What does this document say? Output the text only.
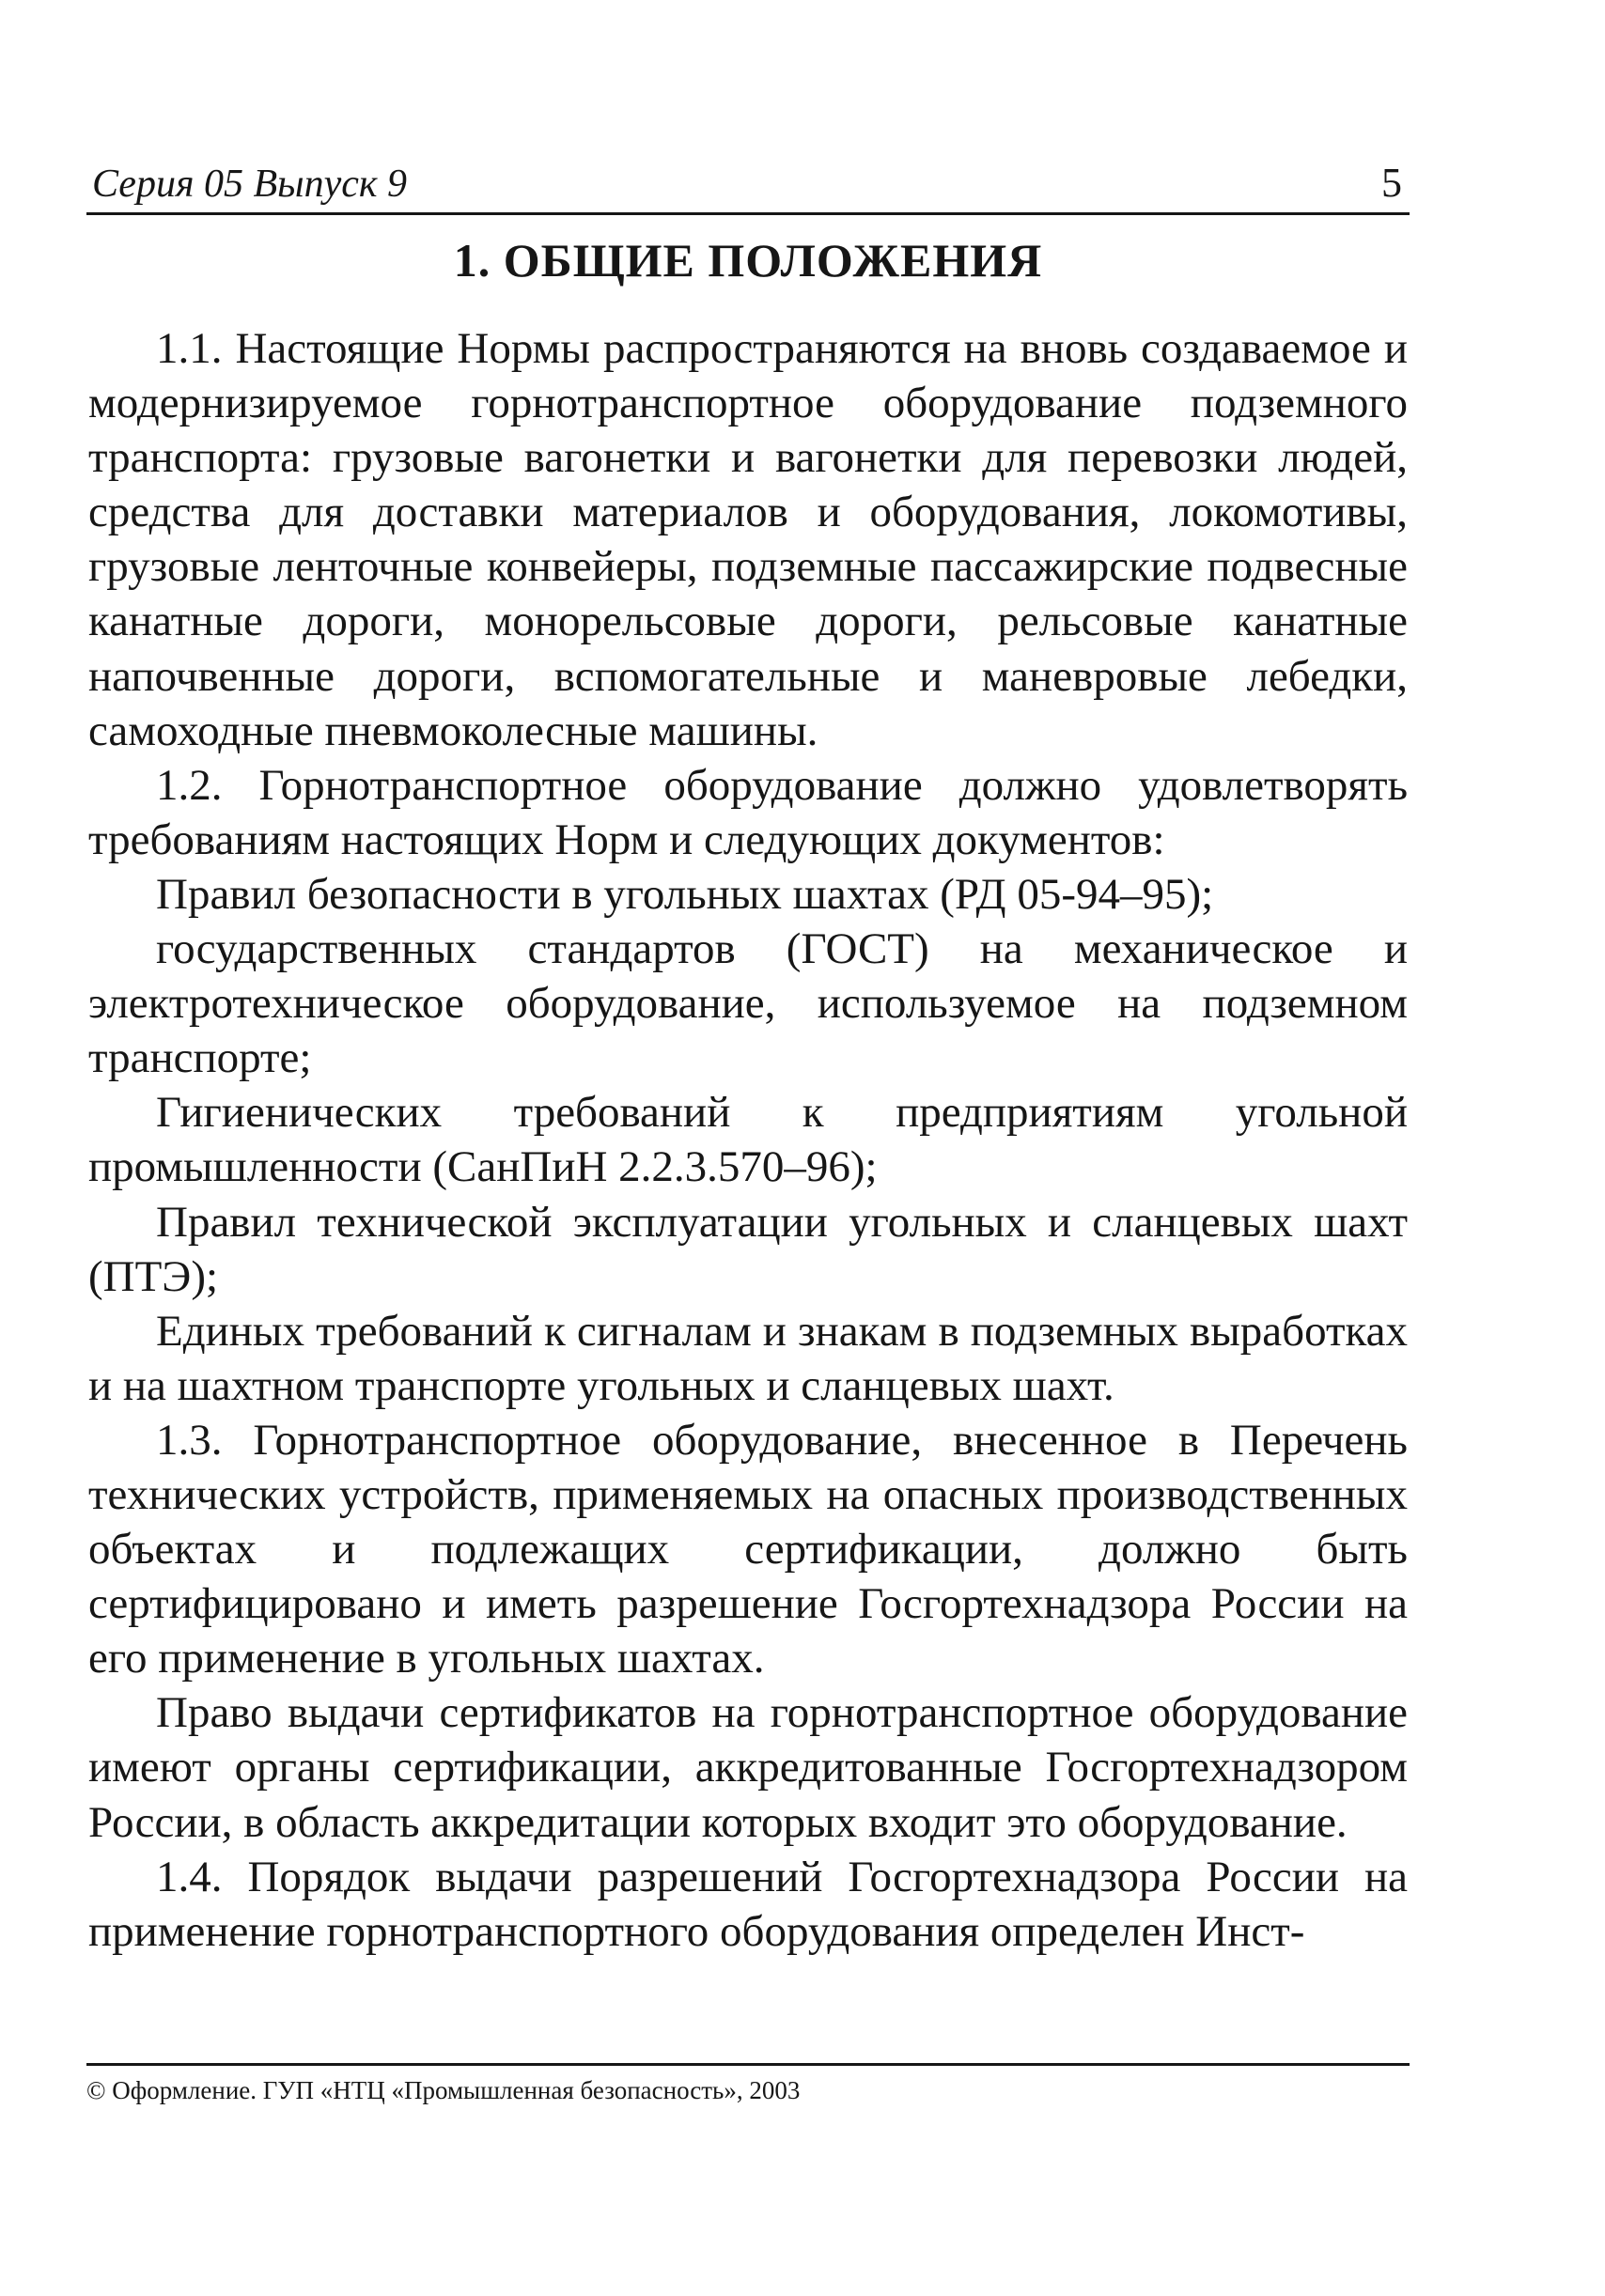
Серия 05 Выпуск 9	5
1. ОБЩИЕ ПОЛОЖЕНИЯ

1.1. Настоящие Нормы распространяются на вновь создаваемое и модернизируемое горнотранспортное оборудование подземного транспорта: грузовые вагонетки и вагонетки для перевозки людей, средства для доставки материалов и оборудования, локомотивы, грузовые ленточные конвейеры, подземные пассажирские подвесные канатные дороги, монорельсовые дороги, рельсовые канатные напочвенные дороги, вспомогательные и маневровые лебедки, самоходные пневмоколесные машины.

1.2. Горнотранспортное оборудование должно удовлетворять требованиям настоящих Норм и следующих документов:

Правил безопасности в угольных шахтах (РД 05-94–95);

государственных стандартов (ГОСТ) на механическое и электротехническое оборудование, используемое на подземном транспорте;

Гигиенических требований к предприятиям угольной промышленности (СанПиН 2.2.3.570–96);

Правил технической эксплуатации угольных и сланцевых шахт (ПТЭ);

Единых требований к сигналам и знакам в подземных выработках и на шахтном транспорте угольных и сланцевых шахт.

1.3. Горнотранспортное оборудование, внесенное в Перечень технических устройств, применяемых на опасных производственных объектах и подлежащих сертификации, должно быть сертифицировано и иметь разрешение Госгортехнадзора России на его применение в угольных шахтах.

Право выдачи сертификатов на горнотранспортное оборудование имеют органы сертификации, аккредитованные Госгортехнадзором России, в область аккредитации которых входит это оборудование.

1.4. Порядок выдачи разрешений Госгортехнадзора России на применение горнотранспортного оборудования определен Инст-

© Оформление. ГУП «НТЦ «Промышленная безопасность», 2003
